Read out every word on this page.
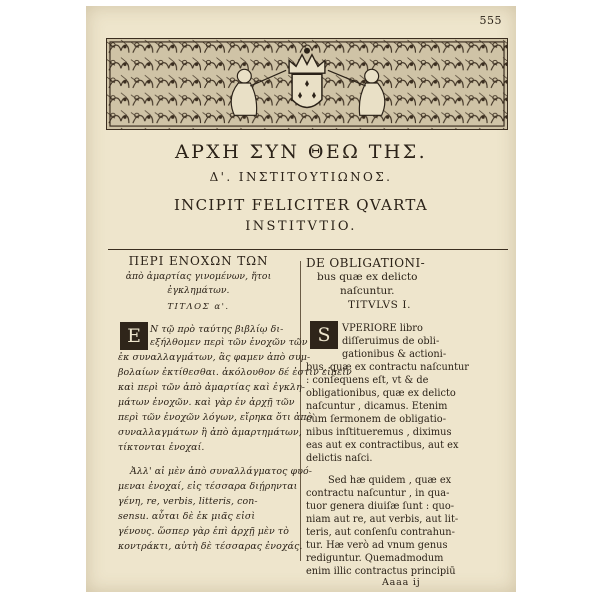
555
ΑΡΧΗ ΣΥΝ ΘΕΩ ΤΗΣ.
Δ'. ΙΝΣΤΙΤΟΥΤΙΩΝΟΣ.
INCIPIT FELICITER QVARTA
INSTITVTIO.
ΠΕΡΙ ΕΝΟΧΩΝ ΤΩΝ
ἀπὸ ἀμαρτίας γινομένων, ἤτοι
ἐγκλημάτων.
ΤΙΤΛΟΣ α'.
Ε Ν τῷ πρὸ ταύτης βιβλίῳ δι-
εξήλθομεν περὶ τῶν ἐνοχῶν τῶν
ἐκ συναλλαγμάτων, ἃς φαμεν ἀπὸ συμ-
βολαίων ἐκτίθεσθαι. ἀκόλουθον δέ ἐστιν εἰπεῖν
καὶ περὶ τῶν ἀπὸ ἀμαρτίας καὶ ἐγκλη-
μάτων ἐνοχῶν. καὶ γὰρ ἐν ἀρχῇ τῶν
περὶ τῶν ἐνοχῶν λόγων, εἴρηκα ὅτι ἀπὸ
συναλλαγμάτων ἢ ἀπὸ ἀμαρτημάτων,
τίκτονται ἐνοχαί.
Ἀλλ' αἱ μὲν ἀπὸ συναλλάγματος φυό-
μεναι ἐνοχαί, εἰς τέσσαρα διῄρηνται
γένη, re, verbis, litteris, con-
sensu. αὗται δὲ ἐκ μιᾶς εἰσὶ
γένους. ὥσπερ γὰρ ἐπὶ ἀρχῇ μὲν τὸ
κοντράκτι, αὐτὴ δὲ τέσσαρας ἐνοχάς.
DE OBLIGATIONI-
bus quæ ex delicto
naſcuntur.
TITVLVS I.
S	VPERIORE libro
diſſeruimus de obli-
gationibus & actioni-
bus, quæ ex contractu naſcuntur
: conſequens eſt, vt & de
obligationibus, quæ ex delicto
naſcuntur , dicamus. Etenim
cùm ſermonem de obligatio-
nibus inſtitueremus , diximus
eas aut ex contractibus, aut ex
delictis naſci.
Sed hæ quidem , quæ ex
contractu naſcuntur , in qua-
tuor genera diuiſæ ſunt : quo-
niam aut re, aut verbis, aut lit-
teris, aut conſenſu contrahun-
tur. Hæ verò ad vnum genus
rediguntur. Quemadmodum
enim illic contractus principiū
Aaaa ij
